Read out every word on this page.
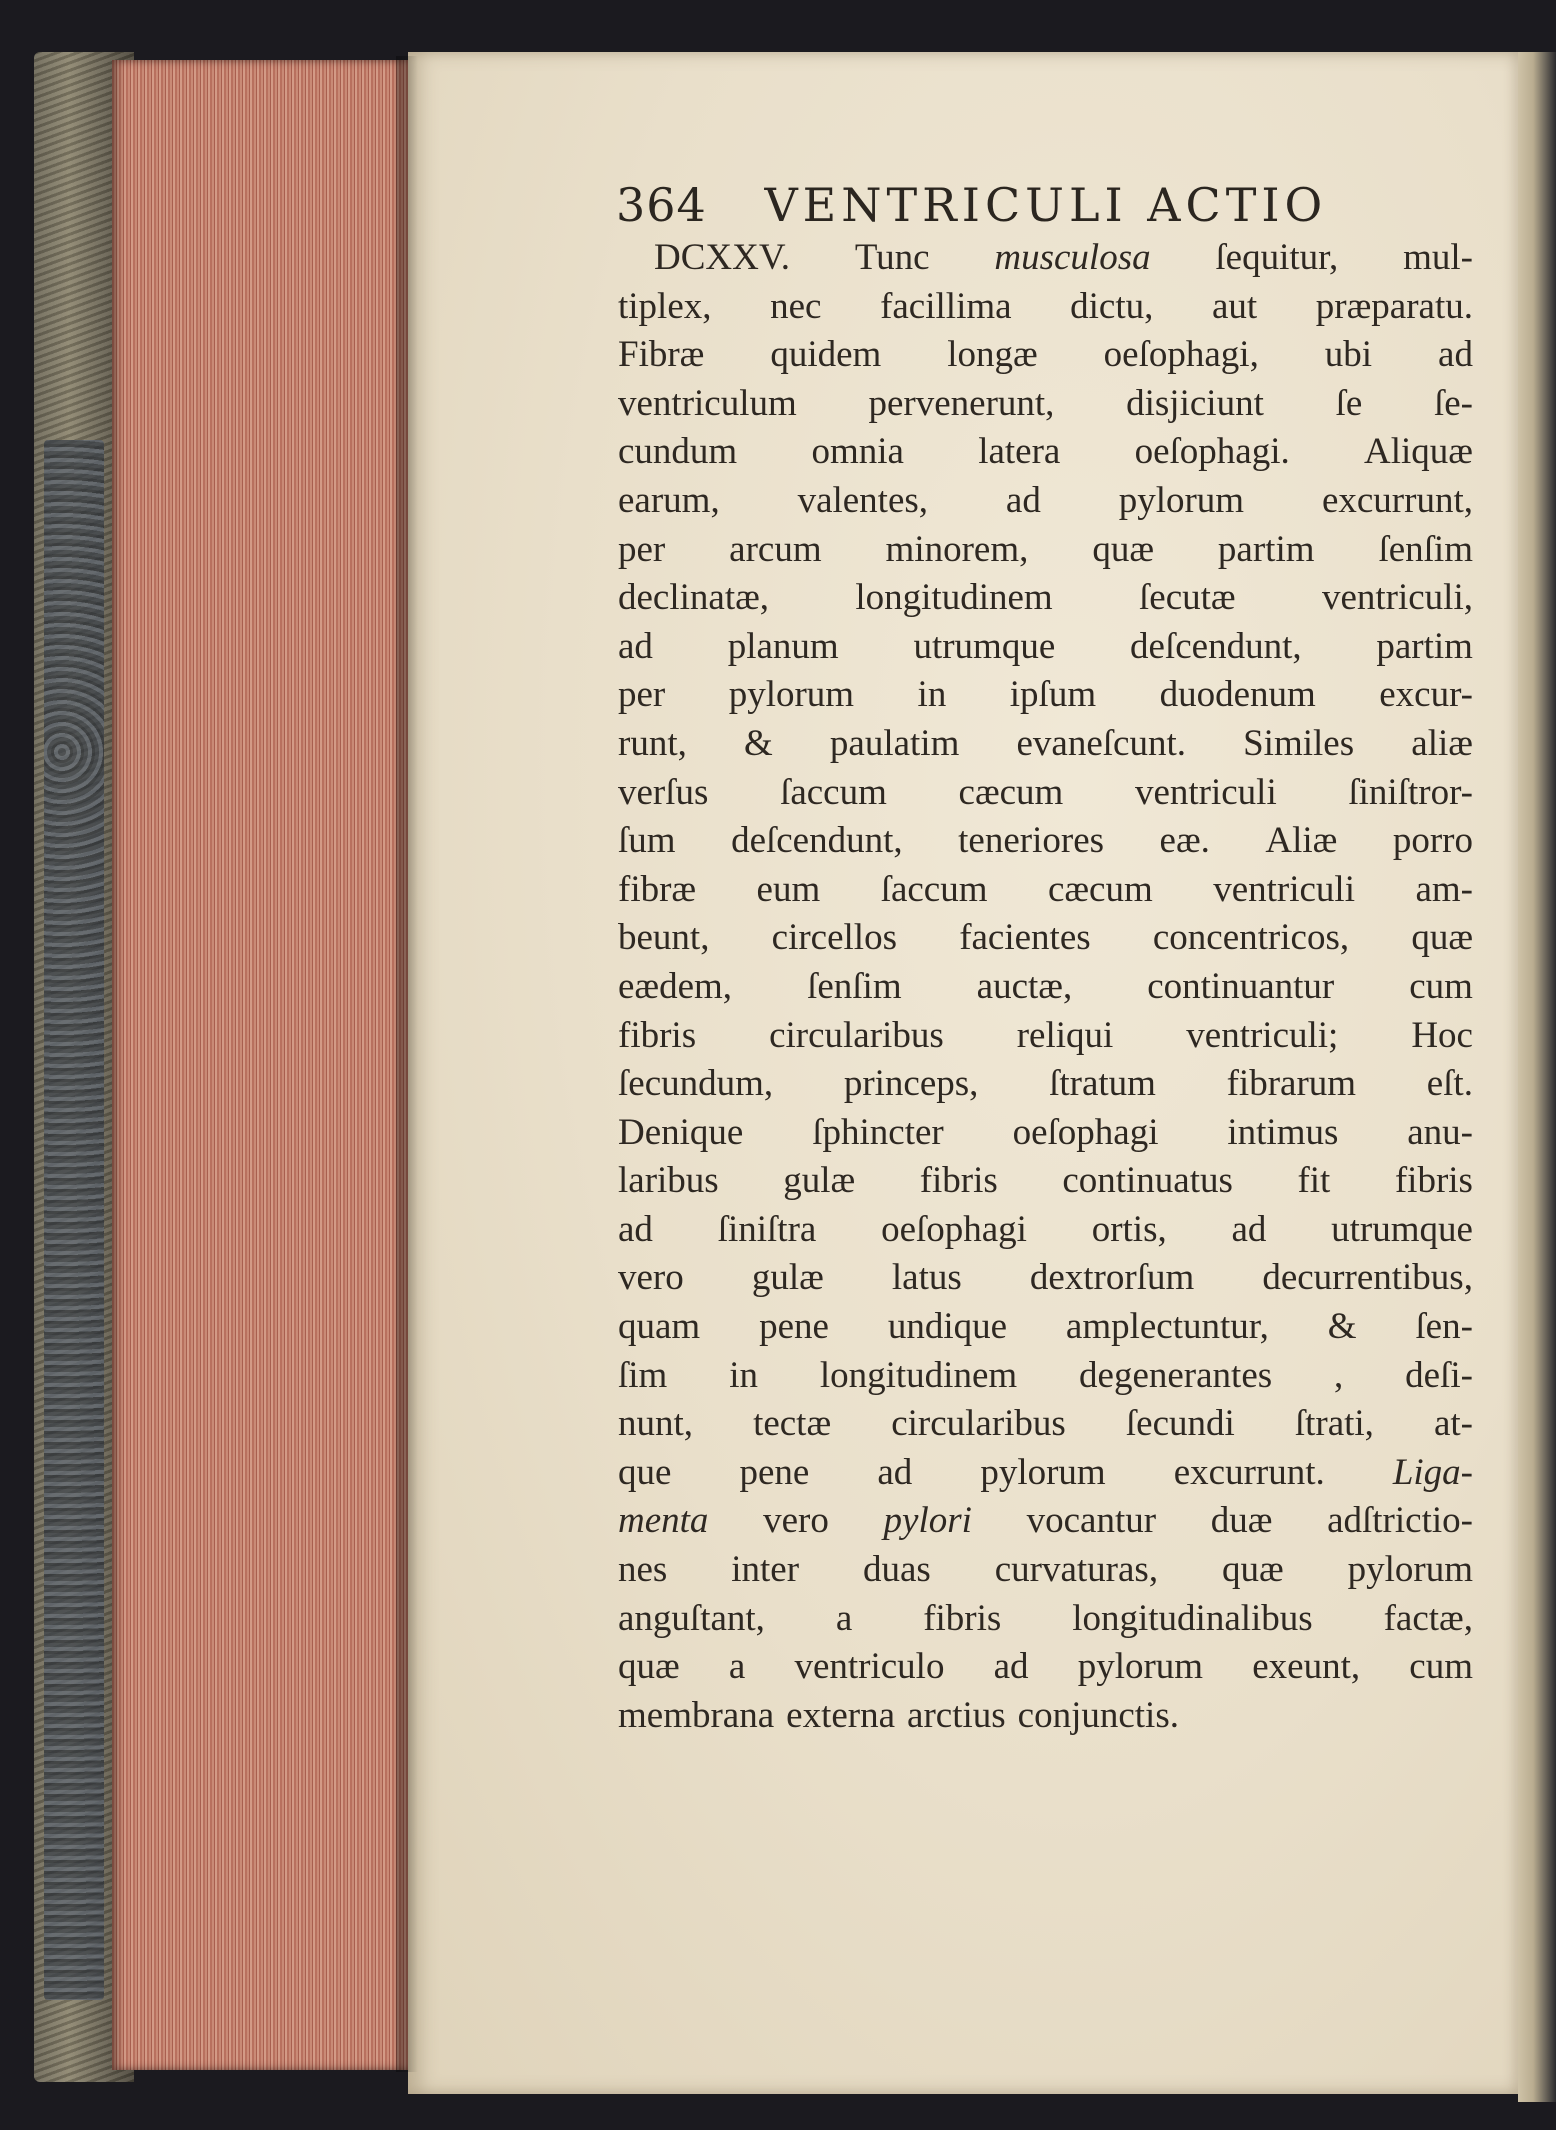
364 VENTRICULI ACTIO
DCXXV. Tunc musculosa ſequitur, mul-
tiplex, nec facillima dictu, aut præparatu.
Fibræ quidem longæ oeſophagi, ubi ad
ventriculum pervenerunt, disjiciunt ſe ſe-
cundum omnia latera oeſophagi. Aliquæ
earum, valentes, ad pylorum excurrunt,
per arcum minorem, quæ partim ſenſim
declinatæ, longitudinem ſecutæ ventriculi,
ad planum utrumque deſcendunt, partim
per pylorum in ipſum duodenum excur-
runt, & paulatim evaneſcunt. Similes aliæ
verſus ſaccum cæcum ventriculi ſiniſtror-
ſum deſcendunt, teneriores eæ. Aliæ porro
fibræ eum ſaccum cæcum ventriculi am-
beunt, circellos facientes concentricos, quæ
eædem, ſenſim auctæ, continuantur cum
fibris circularibus reliqui ventriculi; Hoc
ſecundum, princeps, ſtratum fibrarum eſt.
Denique ſphincter oeſophagi intimus anu-
laribus gulæ fibris continuatus fit fibris
ad ſiniſtra oeſophagi ortis, ad utrumque
vero gulæ latus dextrorſum decurrentibus,
quam pene undique amplectuntur, & ſen-
ſim in longitudinem degenerantes , deſi-
nunt, tectæ circularibus ſecundi ſtrati, at-
que pene ad pylorum excurrunt. Liga-
menta vero pylori vocantur duæ adſtrictio-
nes inter duas curvaturas, quæ pylorum
anguſtant, a fibris longitudinalibus factæ,
quæ a ventriculo ad pylorum exeunt, cum
membrana externa arctius conjunctis.
